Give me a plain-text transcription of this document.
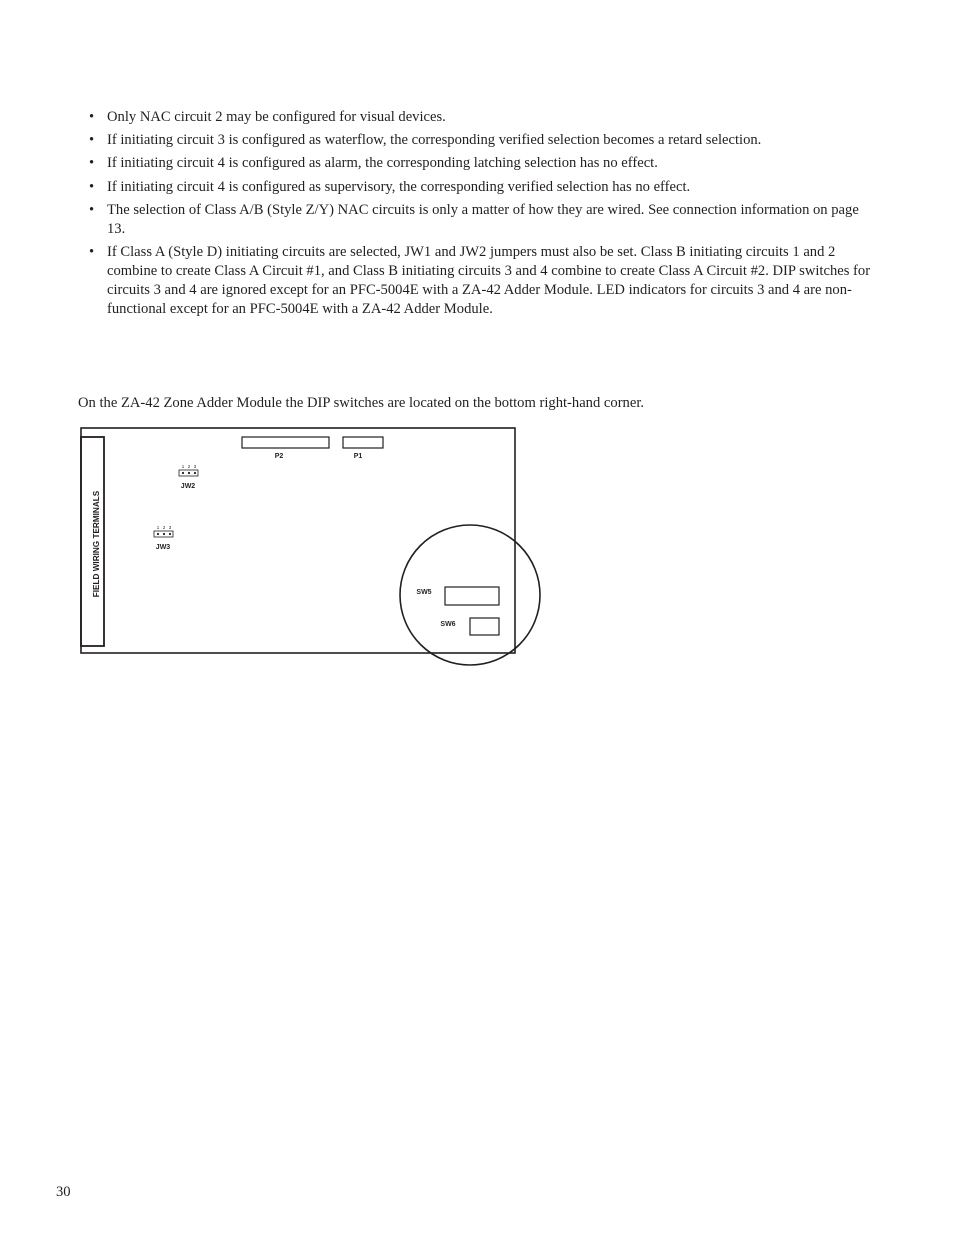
• Only NAC circuit 2 may be configured for visual devices.
• If initiating circuit 3 is configured as waterflow, the corresponding verified selection becomes a retard selection.
• If initiating circuit 4 is configured as alarm, the corresponding latching selection has no effect.
• If initiating circuit 4 is configured as supervisory, the corresponding verified selection has no effect.
• The selection of Class A/B (Style Z/Y) NAC circuits is only a matter of how they are wired. See connection information on page 13.
• If Class A (Style D) initiating circuits are selected, JW1 and JW2 jumpers must also be set. Class B initiating circuits 1 and 2 combine to create Class A Circuit #1, and Class B initiating circuits 3 and 4 combine to create Class A Circuit #2. DIP switches for circuits 3 and 4 are ignored except for an PFC-5004E with a ZA-42 Adder Module. LED indicators for circuits 3 and 4 are non-functional except for an PFC-5004E with a ZA-42 Adder Module.

On the ZA-42 Zone Adder Module the DIP switches are located on the bottom right-hand corner.

FIELD WIRING TERMINALS
P2	P1
1 2 3
JW2
1 2 3
JW3
SW5
SW6

30
